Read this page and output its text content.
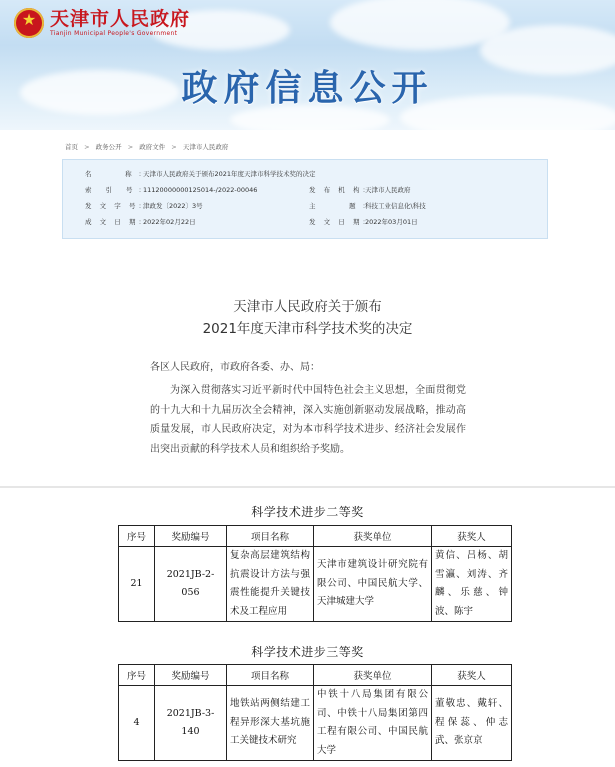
★ 天津市人民政府
Tianjin Municipal People's Government
政府信息公开
首页 > 政务公开 > 政府文件 > 天津市人民政府
名　　称：
天津市人民政府关于颁布2021年度天津市科学技术奖的决定
索 引 号：
11120000000125014-/2022-00046	发 布 机 构：
天津市人民政府
发 文 字 号：
津政发〔2022〕3号	主　　题：
科技工业信息化\科技
成 文 日 期：
2022年02月22日	发 文 日 期：
2022年03月01日
天津市人民政府关于颁布
2021年度天津市科学技术奖的决定
各区人民政府，市政府各委、办、局：
为深入贯彻落实习近平新时代中国特色社会主义思想，全面贯彻党的十九大和十九届历次全会精神，深入实施创新驱动发展战略，推动高质量发展，市人民政府决定，对为本市科学技术进步、经济社会发展作出突出贡献的科学技术人员和组织给予奖励。
科学技术进步二等奖
序号	奖励编号	项目名称	获奖单位	获奖人
21	2021JB-2-056	复杂高层建筑结构抗震设计方法与强震性能提升关键技术及工程应用	天津市建筑设计研究院有限公司、中国民航大学、天津城建大学	黄信、吕杨、胡雪瀛、刘涛、齐麟、乐慈、钟波、陈宇
科学技术进步三等奖
序号	奖励编号	项目名称	获奖单位	获奖人
4	2021JB-3-140	地铁站两侧结建工程异形深大基坑施工关键技术研究	中铁十八局集团有限公司、中铁十八局集团第四工程有限公司、中国民航大学	董敬忠、戴轩、程保蕊、仲志武、张京京
